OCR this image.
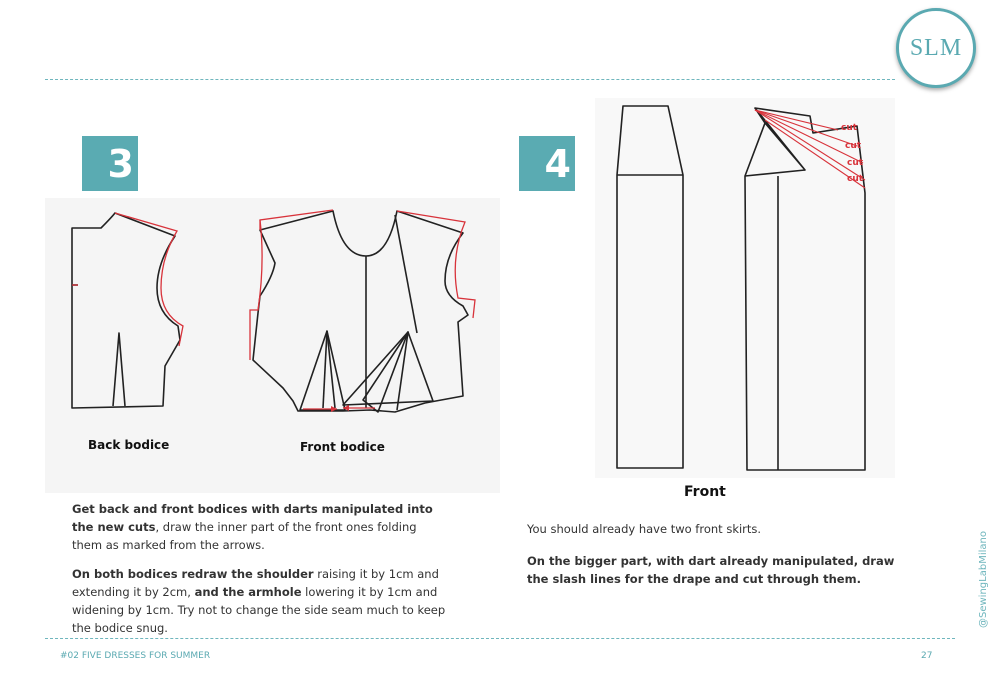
SLM
3	4
Back bodice	Front bodice
cut
cut
cut
cut
Front

Get back and front bodices with darts manipulated into the new cuts, draw the inner part of the front ones folding them as marked from the arrows.

On both bodices redraw the shoulder raising it by 1cm and extending it by 2cm, and the armhole lowering it by 1cm and widening by 1cm. Try not to change the side seam much to keep the bodice snug.

You should already have two front skirts.

On the bigger part, with dart already manipulated, draw the slash lines for the drape and cut through them.	@SewingLabMilano
#02 FIVE DRESSES FOR SUMMER	27
